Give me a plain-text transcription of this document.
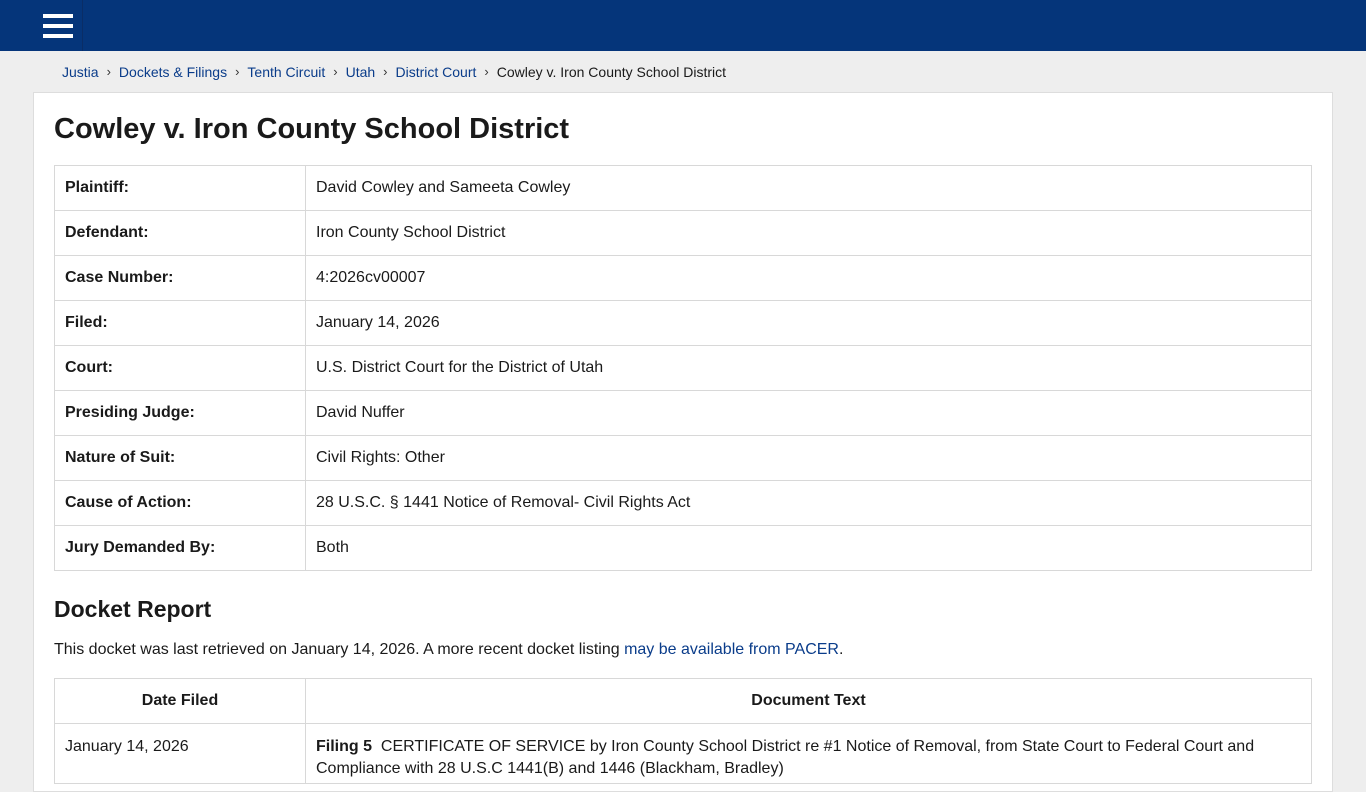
Justia › Dockets & Filings › Tenth Circuit › Utah › District Court › Cowley v. Iron County School District
Cowley v. Iron County School District
Plaintiff:	David Cowley and Sameeta Cowley
Defendant:	Iron County School District
Case Number:	4:2026cv00007
Filed:	January 14, 2026
Court:	U.S. District Court for the District of Utah
Presiding Judge:	David Nuffer
Nature of Suit:	Civil Rights: Other
Cause of Action:	28 U.S.C. § 1441 Notice of Removal- Civil Rights Act
Jury Demanded By:	Both
Docket Report

This docket was last retrieved on January 14, 2026. A more recent docket listing may be available from PACER.

Date Filed	Document Text
January 14, 2026	Filing 5 CERTIFICATE OF SERVICE by Iron County School District re #1 Notice of Removal, from State Court to Federal Court and Compliance with 28 U.S.C 1441(B) and 1446 (Blackham, Bradley)
